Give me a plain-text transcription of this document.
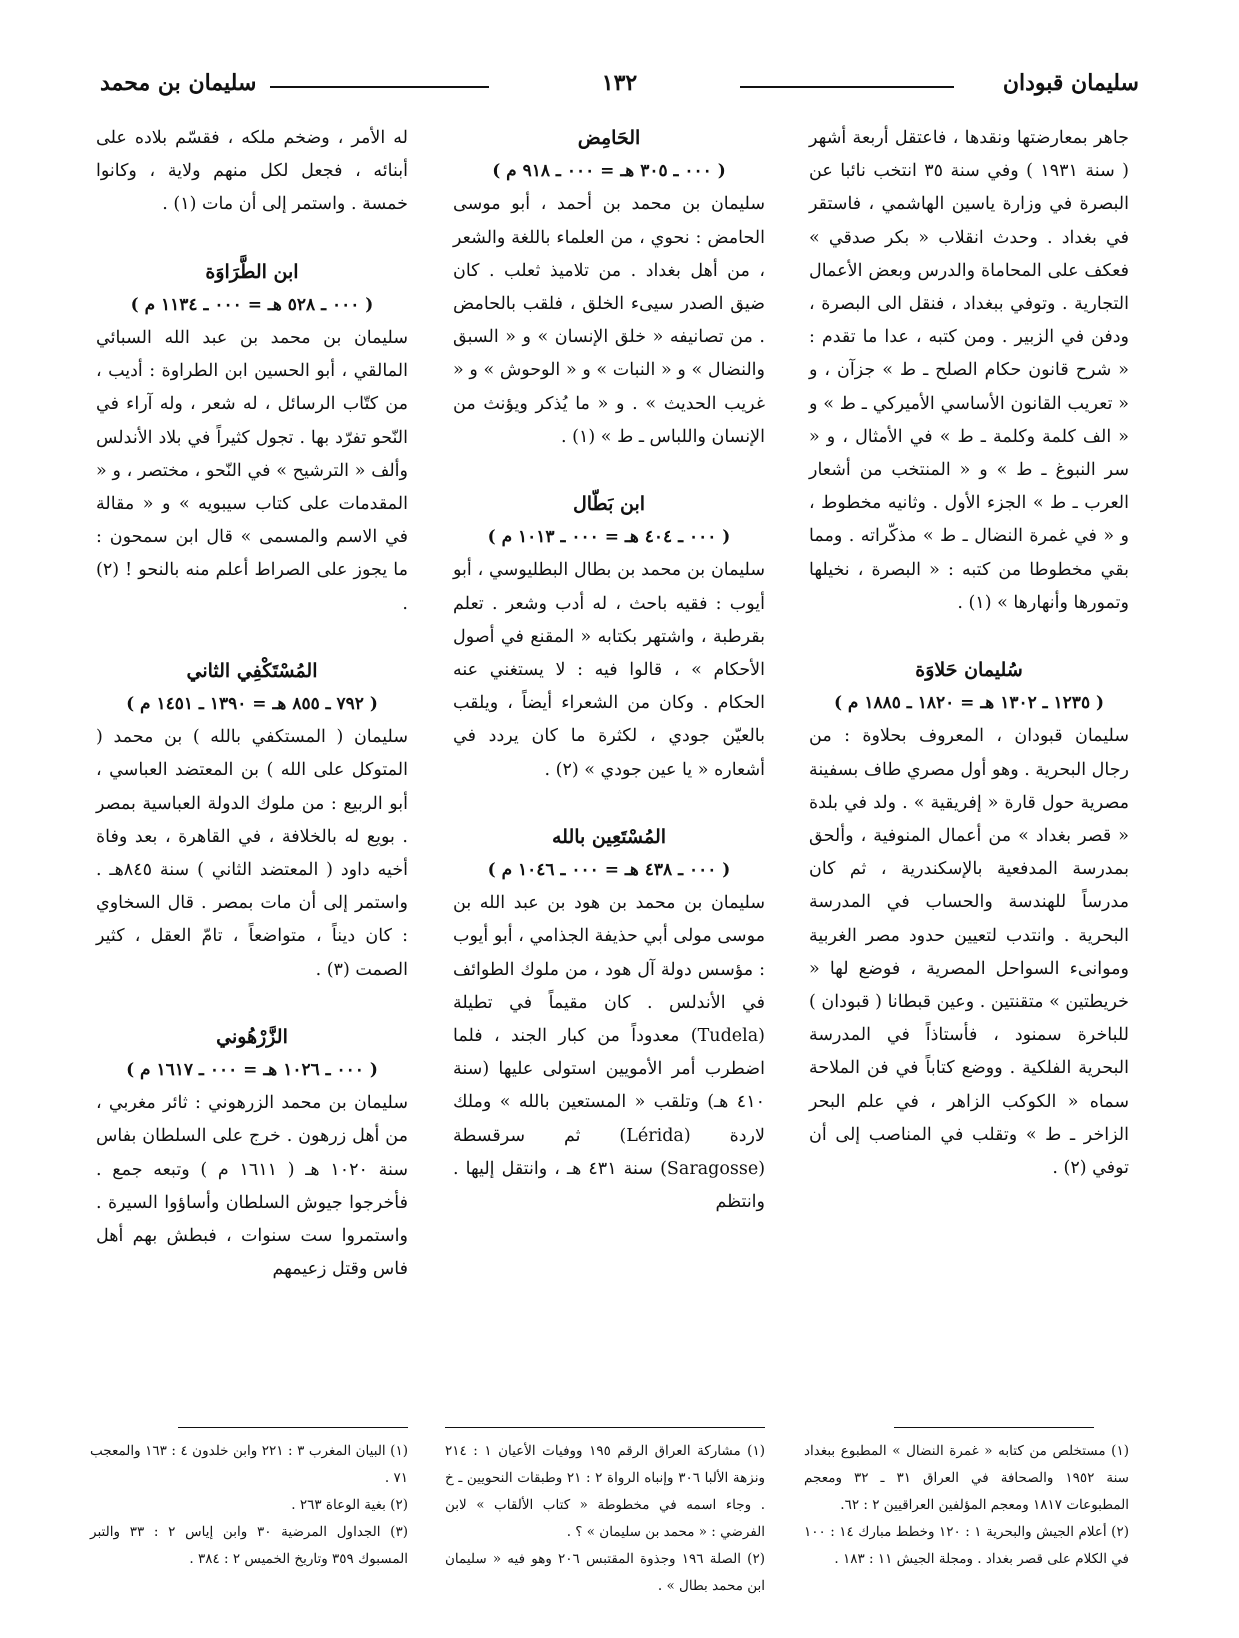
سليمان قبودان
١٣٢
سليمان بن محمد

جاهر بمعارضتها ونقدها ، فاعتقل أربعة أشهر ( سنة ١٩٣١ ) وفي سنة ٣٥ انتخب نائبا عن البصرة في وزارة ياسين الهاشمي ، فاستقر في بغداد . وحدث انقلاب « بكر صدقي » فعكف على المحاماة والدرس وبعض الأعمال التجارية . وتوفي ببغداد ، فنقل الى البصرة ، ودفن في الزبير . ومن كتبه ، عدا ما تقدم : « شرح قانون حكام الصلح ـ ط » جزآن ، و « تعريب القانون الأساسي الأميركي ـ ط » و « الف كلمة وكلمة ـ ط » في الأمثال ، و « سر النبوغ ـ ط » و « المنتخب من أشعار العرب ـ ط » الجزء الأول . وثانيه مخطوط ، و « في غمرة النضال ـ ط » مذكّراته . ومما بقي مخطوطا من كتبه : « البصرة ، نخيلها وتمورها وأنهارها » (١) .

سُليمان حَلاوَة

( ١٢٣٥ ـ ١٣٠٢ هـ = ١٨٢٠ ـ ١٨٨٥ م )

سليمان قبودان ، المعروف بحلاوة : من رجال البحرية . وهو أول مصري طاف بسفينة مصرية حول قارة « إفريقية » . ولد في بلدة « قصر بغداد » من أعمال المنوفية ، وألحق بمدرسة المدفعية بالإسكندرية ، ثم كان مدرساً للهندسة والحساب في المدرسة البحرية . وانتدب لتعيين حدود مصر الغربية وموانىء السواحل المصرية ، فوضع لها « خريطتين » متقنتين . وعين قبطانا ( قبودان ) للباخرة سمنود ، فأستاذاً في المدرسة البحرية الفلكية . ووضع كتاباً في فن الملاحة سماه « الكوكب الزاهر ، في علم البحر الزاخر ـ ط » وتقلب في المناصب إلى أن توفي (٢) .

الحَامِض

( ٠٠٠ ـ ٣٠٥ هـ = ٠٠٠ ـ ٩١٨ م )

سليمان بن محمد بن أحمد ، أبو موسى الحامض : نحوي ، من العلماء باللغة والشعر ، من أهل بغداد . من تلاميذ ثعلب . كان ضيق الصدر سيىء الخلق ، فلقب بالحامض . من تصانيفه « خلق الإنسان » و « السبق والنضال » و « النبات » و « الوحوش » و « غريب الحديث » . و « ما يُذكر ويؤنث من الإنسان واللباس ـ ط » (١) .

ابن بَطّال

( ٠٠٠ ـ ٤٠٤ هـ = ٠٠٠ ـ ١٠١٣ م )

سليمان بن محمد بن بطال البطليوسي ، أبو أيوب : فقيه باحث ، له أدب وشعر . تعلم بقرطبة ، واشتهر بكتابه « المقنع في أصول الأحكام » ، قالوا فيه : لا يستغني عنه الحكام . وكان من الشعراء أيضاً ، ويلقب بالعيّن جودي ، لكثرة ما كان يردد في أشعاره « يا عين جودي » (٢) .

المُسْتَعِين بالله

( ٠٠٠ ـ ٤٣٨ هـ = ٠٠٠ ـ ١٠٤٦ م )

سليمان بن محمد بن هود بن عبد الله بن موسى مولى أبي حذيفة الجذامي ، أبو أيوب : مؤسس دولة آل هود ، من ملوك الطوائف في الأندلس . كان مقيماً في تطيلة (Tudela) معدوداً من كبار الجند ، فلما اضطرب أمر الأمويين استولى عليها (سنة ٤١٠ هـ) وتلقب « المستعين بالله » وملك لاردة (Lérida) ثم سرقسطة (Saragosse) سنة ٤٣١ هـ ، وانتقل إليها . وانتظم

له الأمر ، وضخم ملكه ، فقسّم بلاده على أبنائه ، فجعل لكل منهم ولاية ، وكانوا خمسة . واستمر إلى أن مات (١) .

ابن الطَّرَاوَة

( ٠٠٠ ـ ٥٢٨ هـ = ٠٠٠ ـ ١١٣٤ م )

سليمان بن محمد بن عبد الله السبائي المالقي ، أبو الحسين ابن الطراوة : أديب ، من كتّاب الرسائل ، له شعر ، وله آراء في النّحو تفرّد بها . تجول كثيراً في بلاد الأندلس وألف « الترشيح » في النّحو ، مختصر ، و « المقدمات على كتاب سيبويه » و « مقالة في الاسم والمسمى » قال ابن سمحون : ما يجوز على الصراط أعلم منه بالنحو ! (٢) .

المُسْتَكْفِي الثاني

( ٧٩٢ ـ ٨٥٥ هـ = ١٣٩٠ ـ ١٤٥١ م )

سليمان ( المستكفي بالله ) بن محمد ( المتوكل على الله ) بن المعتضد العباسي ، أبو الربيع : من ملوك الدولة العباسية بمصر . بويع له بالخلافة ، في القاهرة ، بعد وفاة أخيه داود ( المعتضد الثاني ) سنة ٨٤٥هـ . واستمر إلى أن مات بمصر . قال السخاوي : كان ديناً ، متواضعاً ، تامّ العقل ، كثير الصمت (٣) .

الزَّرْهُوني

( ٠٠٠ ـ ١٠٢٦ هـ = ٠٠٠ ـ ١٦١٧ م )

سليمان بن محمد الزرهوني : ثائر مغربي ، من أهل زرهون . خرج على السلطان بفاس سنة ١٠٢٠ هـ ( ١٦١١ م ) وتبعه جمع . فأخرجوا جيوش السلطان وأساؤوا السيرة . واستمروا ست سنوات ، فبطش بهم أهل فاس وقتل زعيمهم

(١) مستخلص من كتابه « غمرة النضال » المطبوع ببغداد سنة ١٩٥٢ والصحافة في العراق ٣١ ـ ٣٢ ومعجم المطبوعات ١٨١٧ ومعجم المؤلفين العراقيين ٢ : ٦٢.

(٢) أعلام الجيش والبحرية ١ : ١٢٠ وخطط مبارك ١٤ : ١٠٠ في الكلام على قصر بغداد . ومجلة الجيش ١١ : ١٨٣ .

(١) مشاركة العراق الرقم ١٩٥ ووفيات الأعيان ١ : ٢١٤ ونزهة الألبا ٣٠٦ وإنباه الرواة ٢ : ٢١ وطبقات النحويين ـ خ . وجاء اسمه في مخطوطة « كتاب الألقاب » لابن الفرضي : « محمد بن سليمان » ؟ .

(٢) الصلة ١٩٦ وجذوة المقتبس ٢٠٦ وهو فيه « سليمان ابن محمد بطال » .

(١) البيان المغرب ٣ : ٢٢١ وابن خلدون ٤ : ١٦٣ والمعجب ٧١ .

(٢) بغية الوعاة ٢٦٣ .

(٣) الجداول المرضية ٣٠ وابن إياس ٢ : ٣٣ والتبر المسبوك ٣٥٩ وتاريخ الخميس ٢ : ٣٨٤ .
